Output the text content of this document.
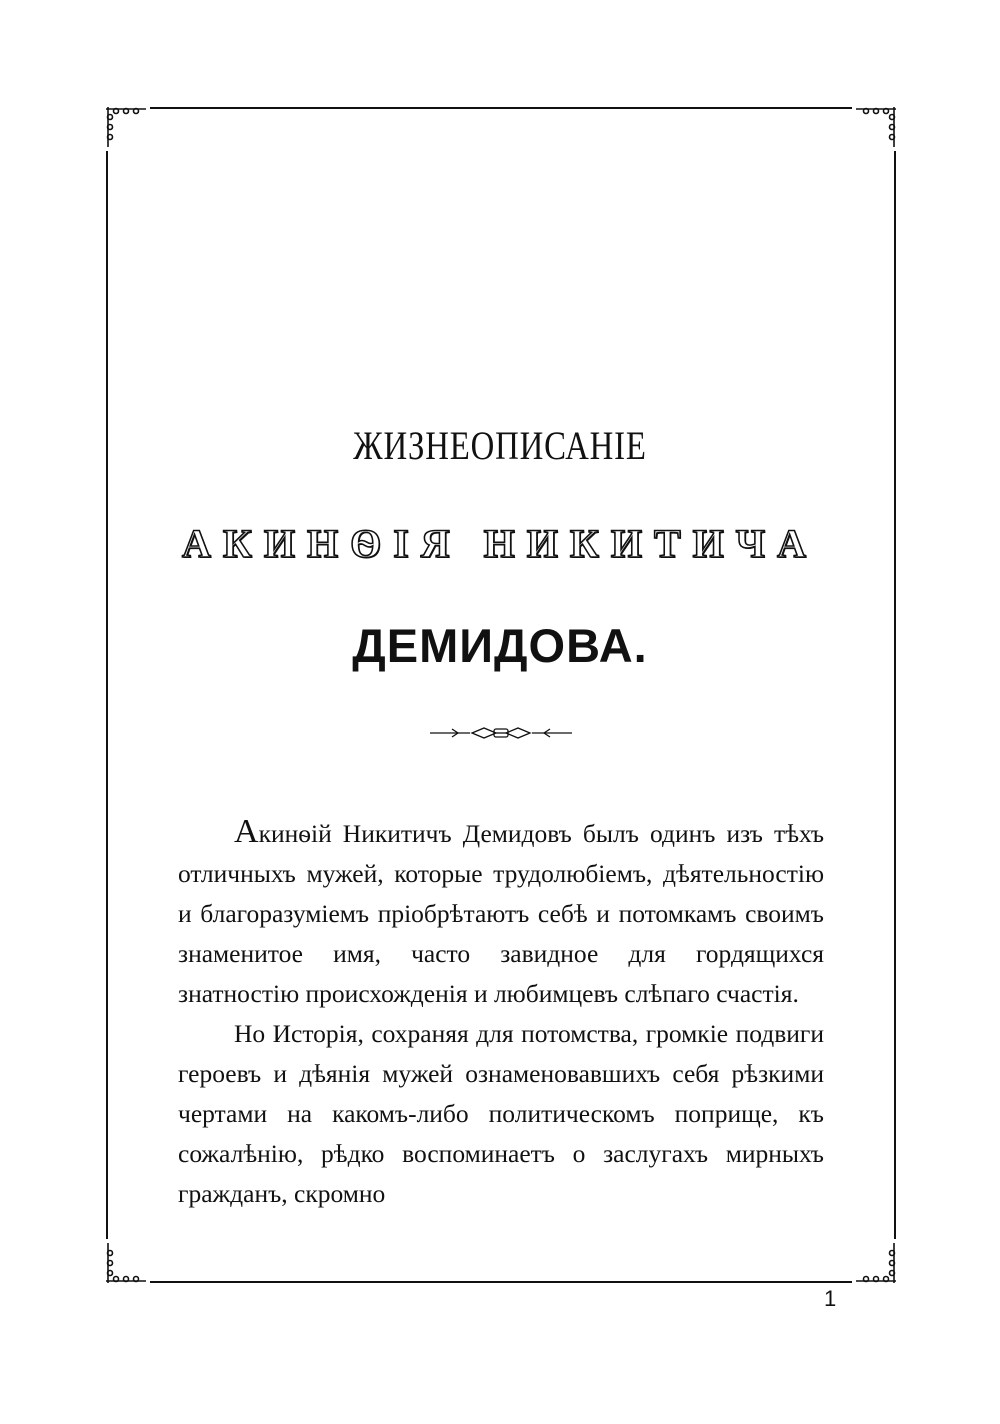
ЖИЗНЕОПИСАНІЕ
АКИНѲІЯ НИКИТИЧА
ДЕМИДОВА.

Акинѳій Никитичъ Демидовъ былъ одинъ изъ тѣхъ отличныхъ мужей, которые трудолюбіемъ, дѣятельностію и благоразуміемъ пріобрѣтаютъ себѣ и потомкамъ своимъ знаменитое имя, часто завидное для гордящихся знатностію происхожденія и любимцевъ слѣпаго счастія.

Но Исторія, сохраняя для потомства, громкіе подвиги героевъ и дѣянія мужей ознаменовавшихъ себя рѣзкими чертами на какомъ-либо политическомъ поприще, къ сожалѣнію, рѣдко воспоминаетъ о заслугахъ мирныхъ гражданъ, скромно

1
